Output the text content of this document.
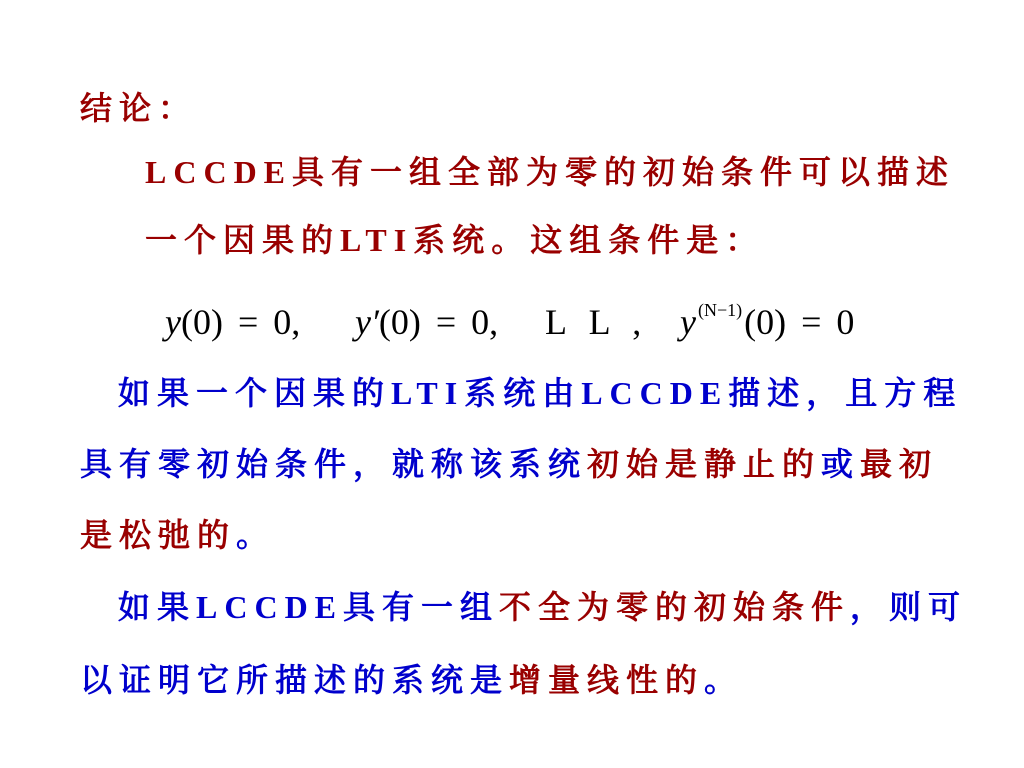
结论：
LCCDE具有一组全部为零的初始条件可以描述
一个因果的LTI系统。这组条件是：
y(0) = 0, y′(0) = 0, L L , y $^{(N-1)}$(0) = 0
如果一个因果的LTI系统由LCCDE描述，且方程
具有零初始条件，就称该系统初始是静止的或最初
是松弛的。
如果LCCDE具有一组不全为零的初始条件，则可
以证明它所描述的系统是增量线性的。
